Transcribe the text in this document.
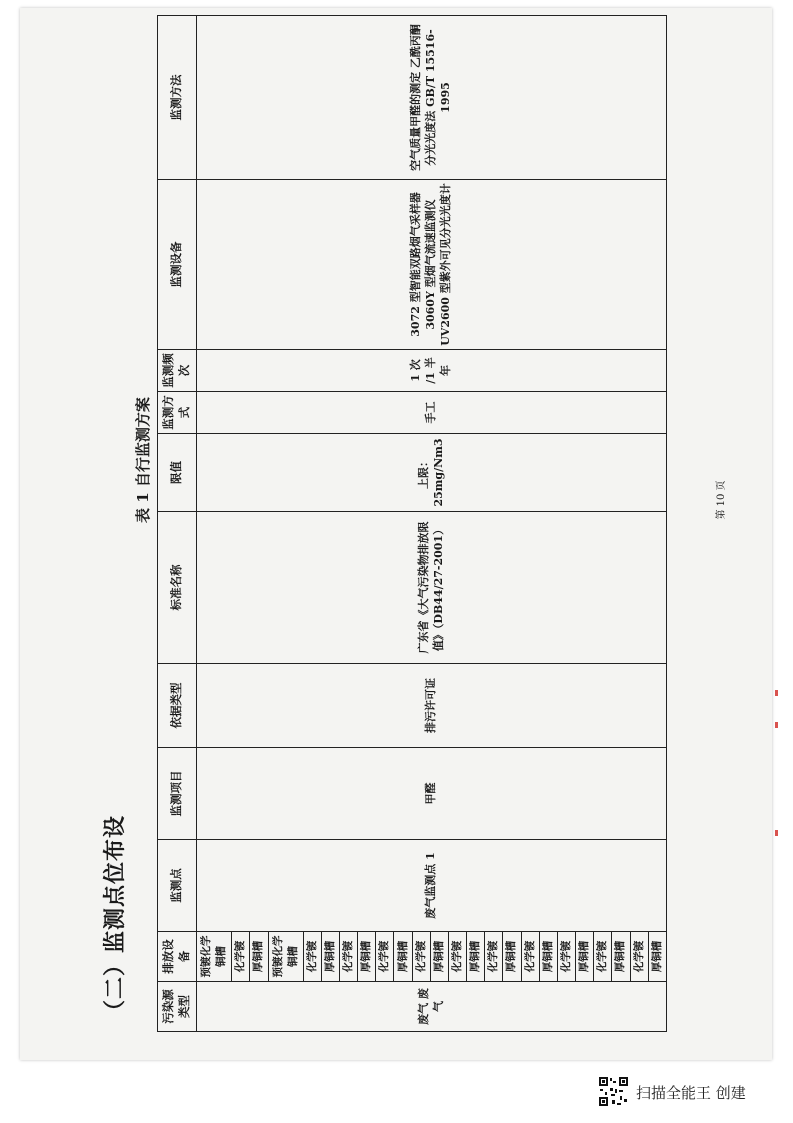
（二）监测点位布设
表 1 自行监测方案
污染源类型	排放设备	监测点	监测项目	依据类型	标准名称	限值	监测方式	监测频次	监测设备	监测方法
废气 废气	预镀化学铜槽	废气监测点 1	甲醛	排污许可证	广东省《大气污染物排放限值》（DB44/27-2001）	上限： 25mg/Nm3	手工	1 次 /1 半 年	3072 型智能双路烟气采样器 3060Y 型烟气流速监测仪 UV2600 型紫外可见分光光度计	空气质量甲醛的测定 乙酰丙酮分光光度法 GB/T 15516-1995
	化学镀									
	厚铜槽									
	预镀化学铜槽									
	化学镀									
	厚铜槽									
	化学镀									
	厚铜槽									
	化学镀									
	厚铜槽									
	化学镀									
	厚铜槽									
	化学镀									
	厚铜槽									
	化学镀									
	厚铜槽									
	化学镀									
	厚铜槽									
	化学镀									
	厚铜槽									
	化学镀									
	厚铜槽									
	化学镀									
	厚铜槽									
第 10 页
扫描全能王 创建
